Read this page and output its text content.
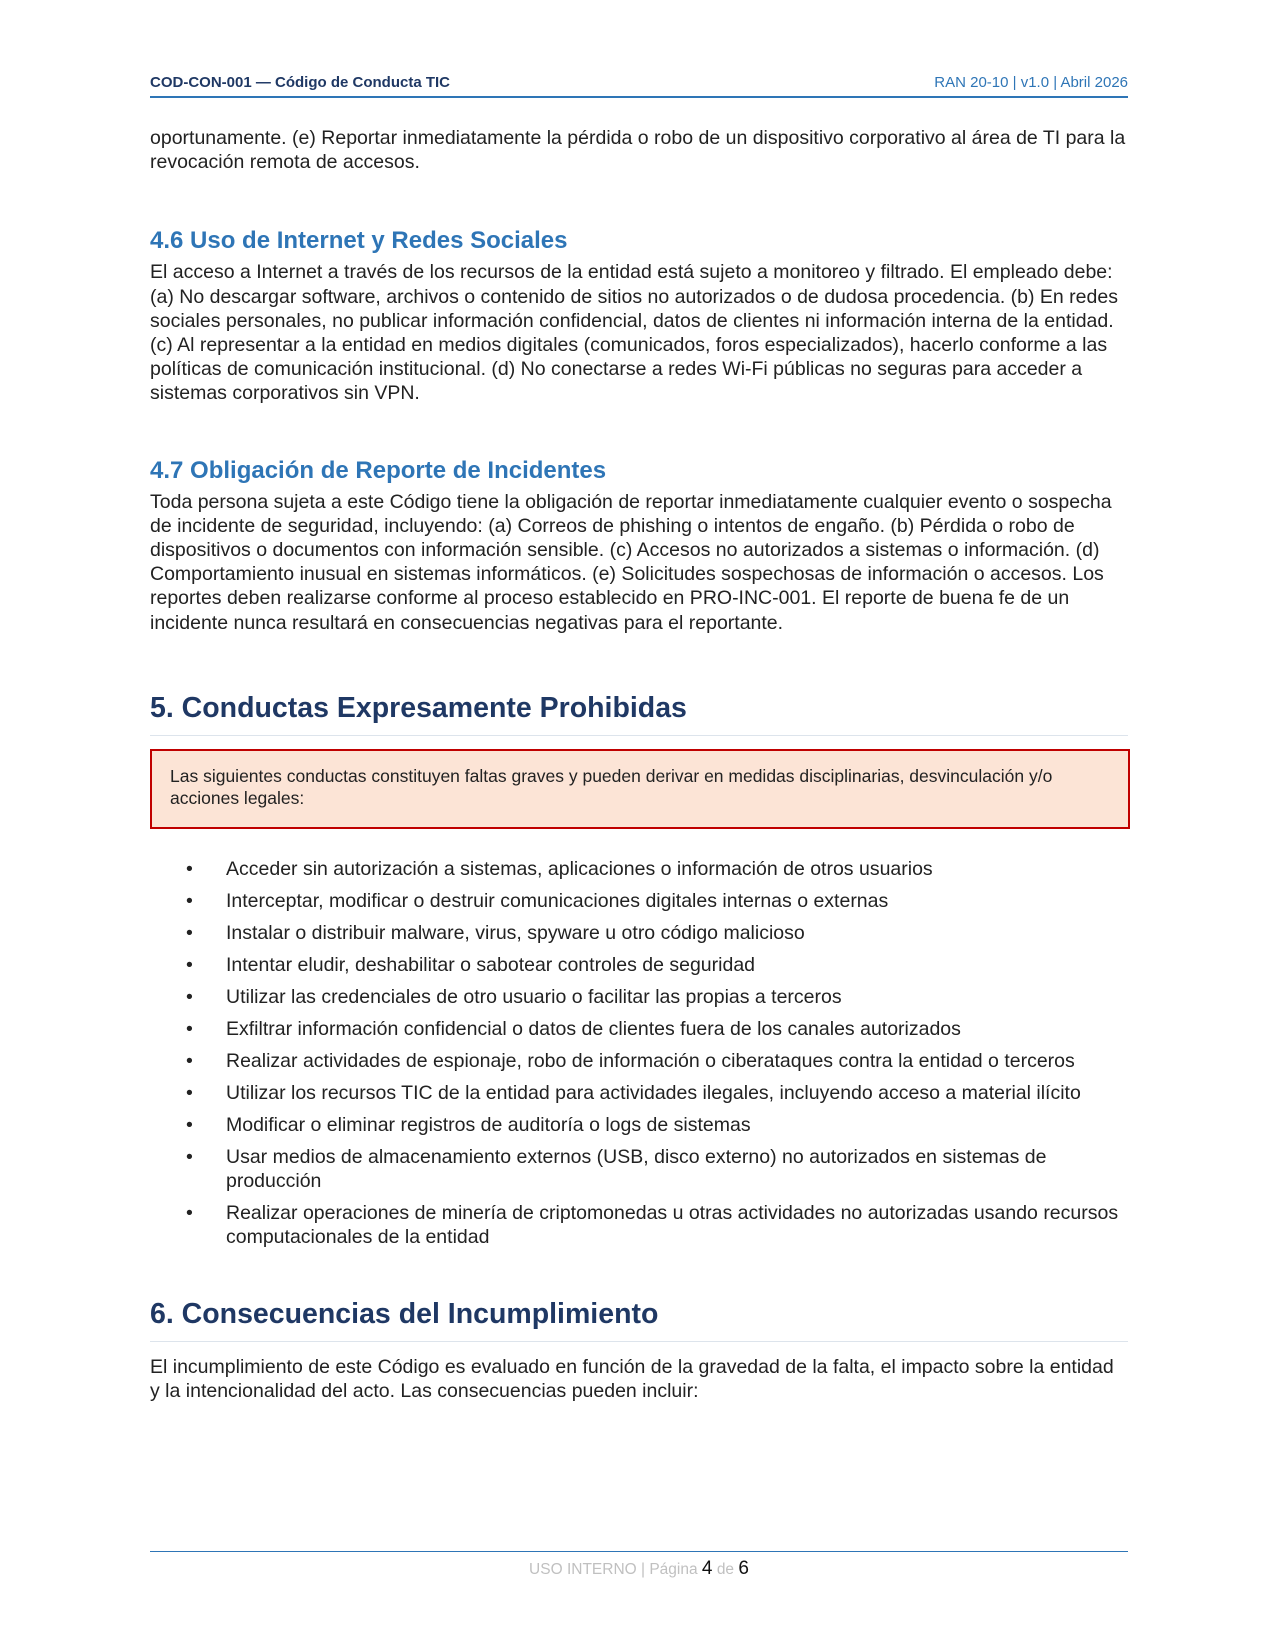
COD-CON-001 — Código de Conducta TIC	RAN 20-10 | v1.0 | Abril 2026

oportunamente. (e) Reportar inmediatamente la pérdida o robo de un dispositivo corporativo al área de TI para la revocación remota de accesos.

4.6 Uso de Internet y Redes Sociales

El acceso a Internet a través de los recursos de la entidad está sujeto a monitoreo y filtrado. El empleado debe: (a) No descargar software, archivos o contenido de sitios no autorizados o de dudosa procedencia. (b) En redes sociales personales, no publicar información confidencial, datos de clientes ni información interna de la entidad. (c) Al representar a la entidad en medios digitales (comunicados, foros especializados), hacerlo conforme a las políticas de comunicación institucional. (d) No conectarse a redes Wi-Fi públicas no seguras para acceder a sistemas corporativos sin VPN.

4.7 Obligación de Reporte de Incidentes

Toda persona sujeta a este Código tiene la obligación de reportar inmediatamente cualquier evento o sospecha de incidente de seguridad, incluyendo: (a) Correos de phishing o intentos de engaño. (b) Pérdida o robo de dispositivos o documentos con información sensible. (c) Accesos no autorizados a sistemas o información. (d) Comportamiento inusual en sistemas informáticos. (e) Solicitudes sospechosas de información o accesos. Los reportes deben realizarse conforme al proceso establecido en PRO-INC-001. El reporte de buena fe de un incidente nunca resultará en consecuencias negativas para el reportante.

5. Conductas Expresamente Prohibidas
Las siguientes conductas constituyen faltas graves y pueden derivar en medidas disciplinarias, desvinculación y/o acciones legales:
• Acceder sin autorización a sistemas, aplicaciones o información de otros usuarios
• Interceptar, modificar o destruir comunicaciones digitales internas o externas
• Instalar o distribuir malware, virus, spyware u otro código malicioso
• Intentar eludir, deshabilitar o sabotear controles de seguridad
• Utilizar las credenciales de otro usuario o facilitar las propias a terceros
• Exfiltrar información confidencial o datos de clientes fuera de los canales autorizados
• Realizar actividades de espionaje, robo de información o ciberataques contra la entidad o terceros
• Utilizar los recursos TIC de la entidad para actividades ilegales, incluyendo acceso a material ilícito
• Modificar o eliminar registros de auditoría o logs de sistemas
• Usar medios de almacenamiento externos (USB, disco externo) no autorizados en sistemas de producción
• Realizar operaciones de minería de criptomonedas u otras actividades no autorizadas usando recursos computacionales de la entidad
6. Consecuencias del Incumplimiento

El incumplimiento de este Código es evaluado en función de la gravedad de la falta, el impacto sobre la entidad y la intencionalidad del acto. Las consecuencias pueden incluir:

USO INTERNO | Página 4 de 6
